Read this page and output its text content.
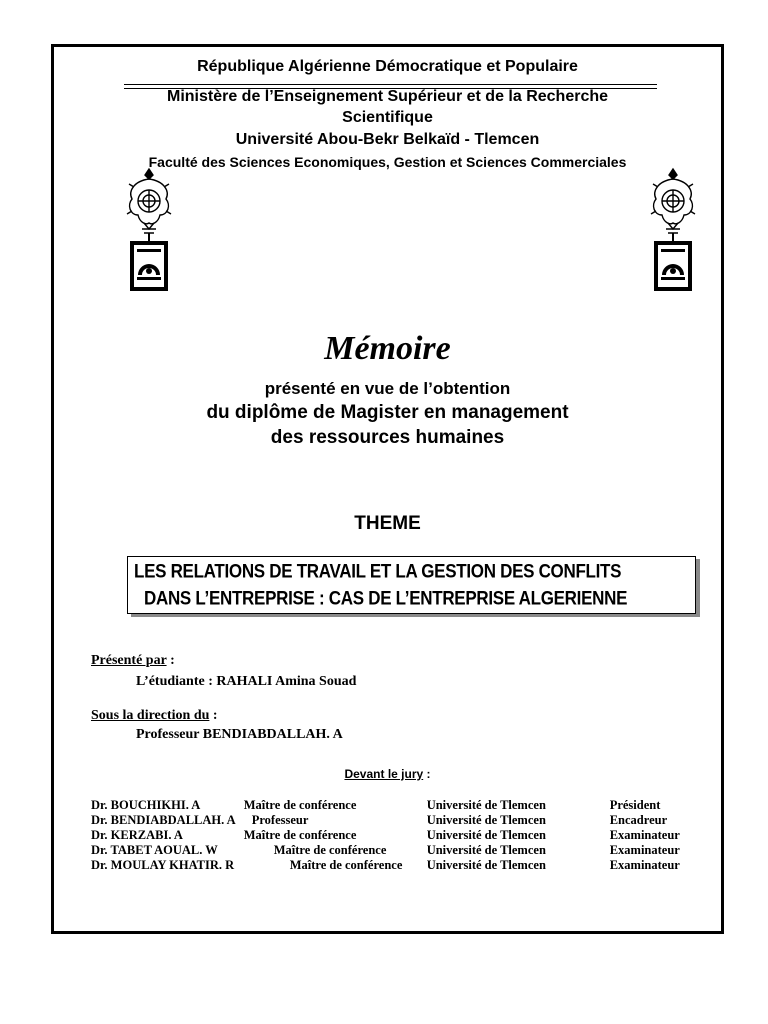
République Algérienne Démocratique et Populaire
Ministère de l’Enseignement Supérieur et de la Recherche
Scientifique
Université Abou-Bekr Belkaïd - Tlemcen
Faculté des Sciences Economiques, Gestion et Sciences Commerciales
Mémoire
présenté en vue de l’obtention
du diplôme de Magister en management
des ressources humaines
THEME
LES RELATIONS DE TRAVAIL ET LA GESTION DES CONFLITS
DANS L’ENTREPRISE : CAS DE L’ENTREPRISE ALGERIENNE
Présenté par :
L’étudiante : RAHALI Amina Souad
Sous la direction du :
Professeur BENDIABDALLAH. A
Devant le jury :
Dr. BOUCHIKHI. A	Maître de conférence	Université de Tlemcen	Président
Dr. BENDIABDALLAH. A	Professeur	Université de Tlemcen	Encadreur
Dr. KERZABI. A	Maître de conférence	Université de Tlemcen	Examinateur
Dr. TABET AOUAL. W	Maître de conférence	Université de Tlemcen	Examinateur
Dr. MOULAY KHATIR. R	Maître de conférence	Université de Tlemcen	Examinateur
